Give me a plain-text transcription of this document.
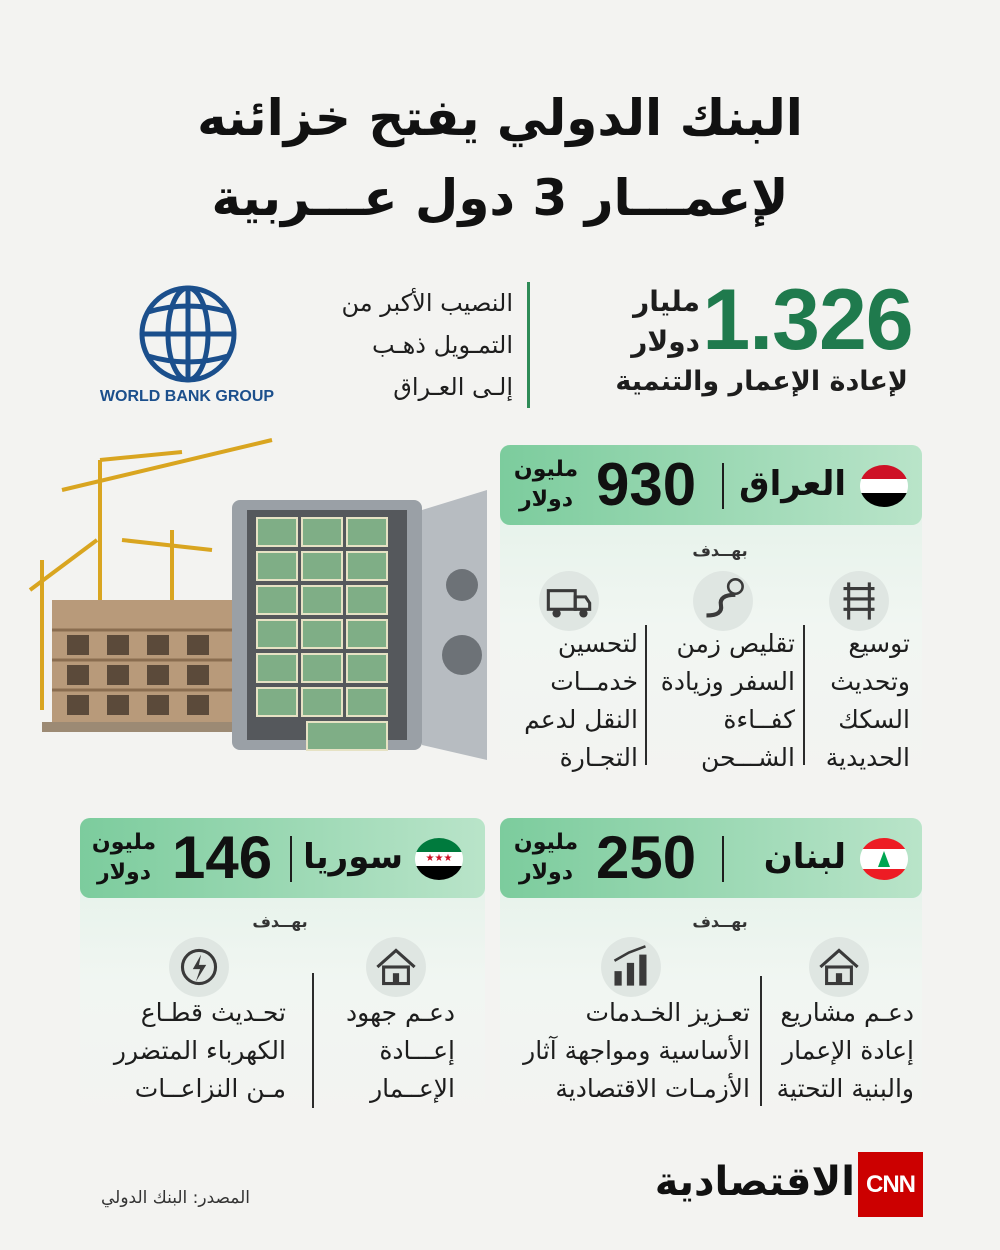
البنك الدولي يفتح خزائنه
لإعمـــار 3 دول عـــربية
1.326
مليار
دولار
لإعادة الإعمار والتنمية
النصيب الأكبر من
التمـويل ذهـب
إلـى العـراق
WORLD BANK GROUP
العراق
930
مليون
دولار
بهــدف
توسيع
وتحديث
السكك
الحديدية
تقليص زمن
السفر وزيادة
كفــاءة
الشـــحن
لتحسين
خدمــات
النقل لدعم
التجـارة
لبنان
250
مليون
دولار
بهــدف
دعـم مشاريع
إعادة الإعمار
والبنية التحتية
تعـزيز الخـدمات
الأساسية ومواجهة آثار
الأزمـات الاقتصادية
★★★
سوريا
146
مليون
دولار
بهــدف
دعـم جهود
إعـــادة
الإعــمار
تحـديث قطـاع
الكهرباء المتضرر
مـن النزاعــات
المصدر: البنك الدولي	الاقتصادية CNN
